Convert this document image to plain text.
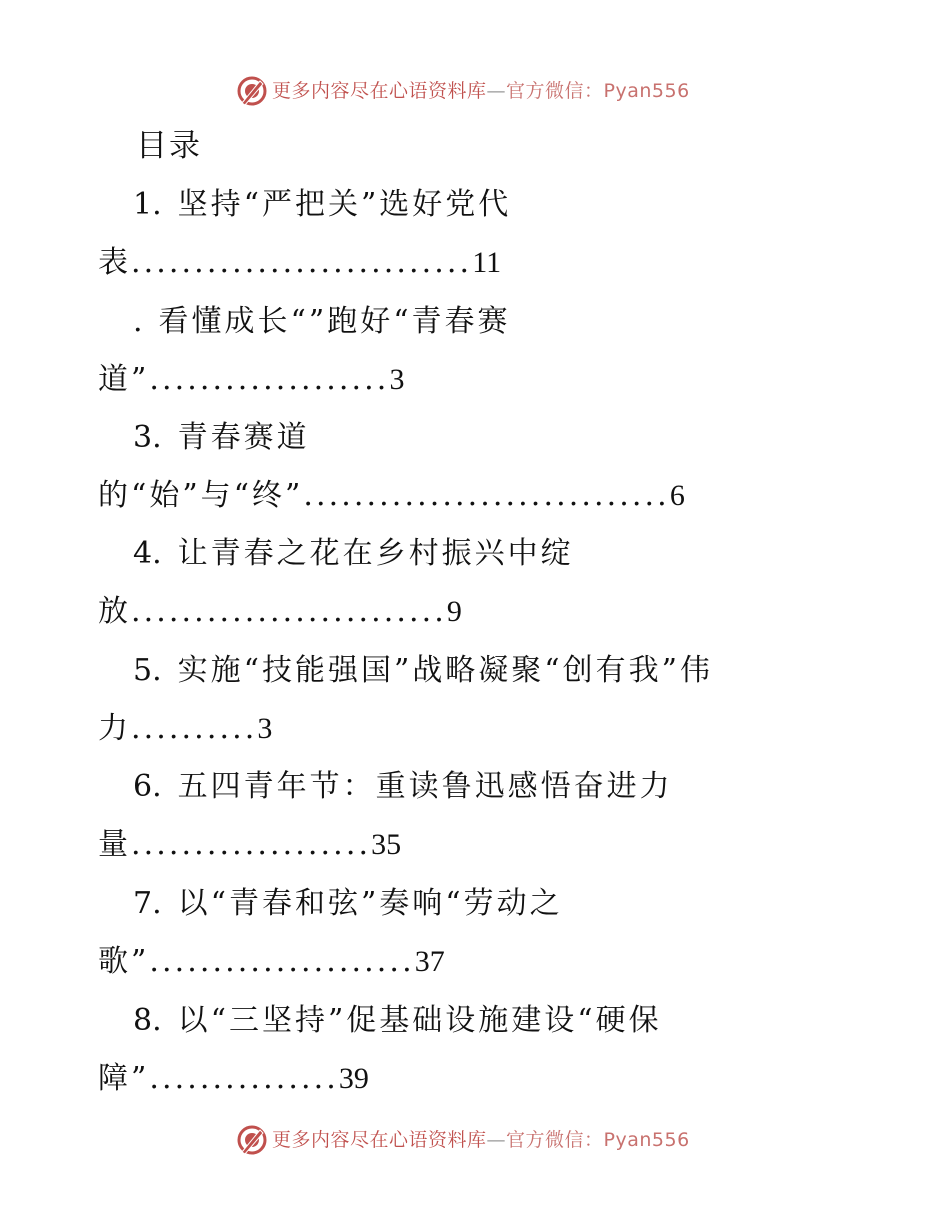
更多内容尽在心语资料库—官方微信：Pyan556
目录
1. 坚持“严把关”选好党代
表...........................11
. 看懂成长“”跑好“青春赛
道”...................3
3. 青春赛道
的“始”与“终”.............................6
4. 让青春之花在乡村振兴中绽
放.........................9
5. 实施“技能强国”战略凝聚“创有我”伟
力..........3
6. 五四青年节：重读鲁迅感悟奋进力
量...................35
7. 以“青春和弦”奏响“劳动之
歌”.....................37
8. 以“三坚持”促基础设施建设“硬保
障”...............39
更多内容尽在心语资料库—官方微信：Pyan556
